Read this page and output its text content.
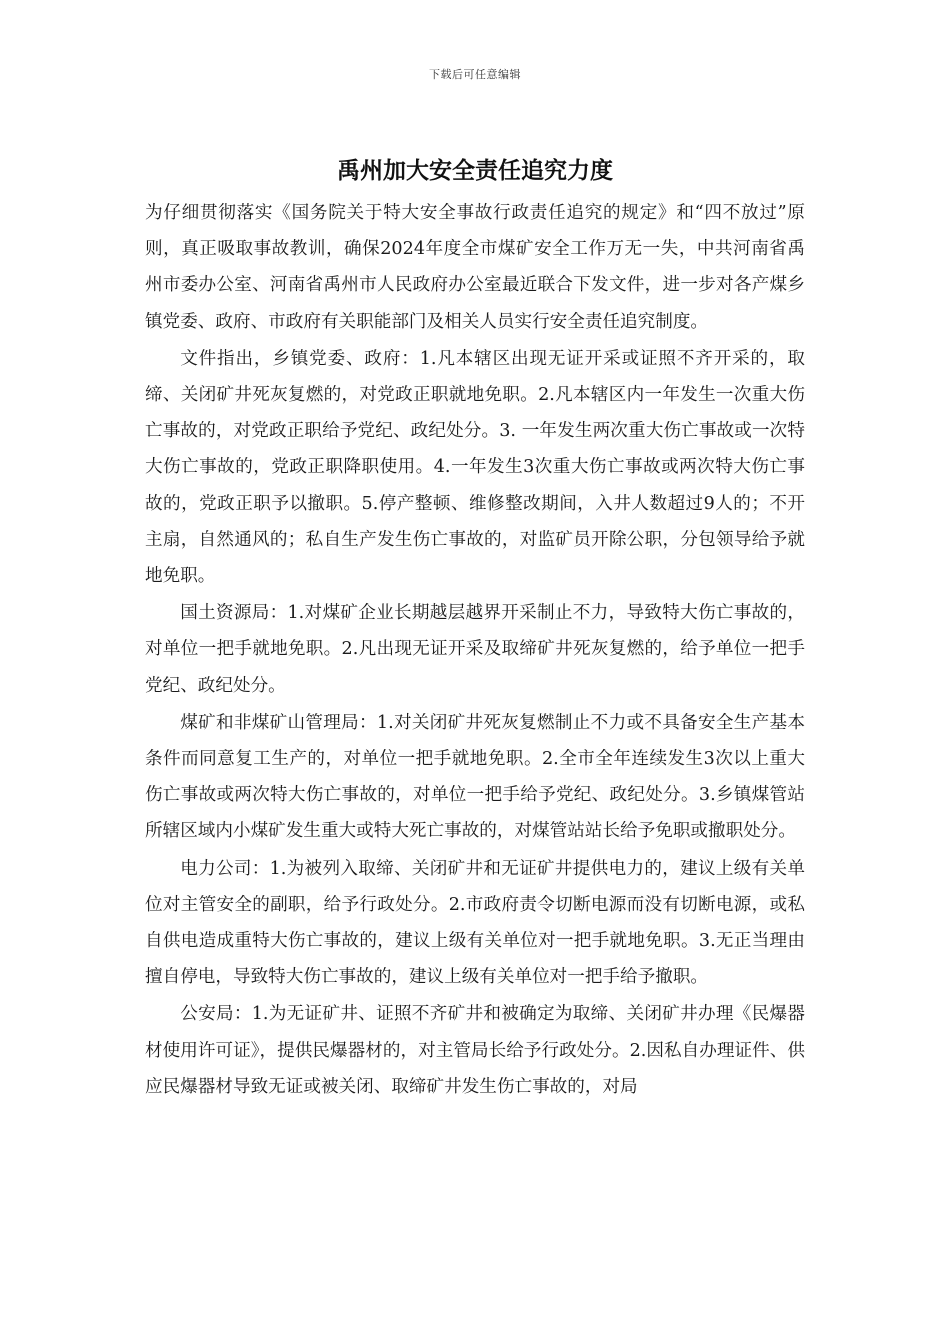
下载后可任意编辑
禹州加大安全责任追究力度

为仔细贯彻落实《国务院关于特大安全事故行政责任追究的规定》和“四不放过”原则，真正吸取事故教训，确保2024年度全市煤矿安全工作万无一失，中共河南省禹州市委办公室、河南省禹州市人民政府办公室最近联合下发文件，进一步对各产煤乡镇党委、政府、市政府有关职能部门及相关人员实行安全责任追究制度。

文件指出，乡镇党委、政府：1.凡本辖区出现无证开采或证照不齐开采的，取缔、关闭矿井死灰复燃的，对党政正职就地免职。2.凡本辖区内一年发生一次重大伤亡事故的，对党政正职给予党纪、政纪处分。3. 一年发生两次重大伤亡事故或一次特大伤亡事故的，党政正职降职使用。4.一年发生3次重大伤亡事故或两次特大伤亡事故的，党政正职予以撤职。5.停产整顿、维修整改期间，入井人数超过9人的；不开主扇，自然通风的；私自生产发生伤亡事故的，对监矿员开除公职，分包领导给予就地免职。

国土资源局：1.对煤矿企业长期越层越界开采制止不力，导致特大伤亡事故的，对单位一把手就地免职。2.凡出现无证开采及取缔矿井死灰复燃的，给予单位一把手党纪、政纪处分。

煤矿和非煤矿山管理局：1.对关闭矿井死灰复燃制止不力或不具备安全生产基本条件而同意复工生产的，对单位一把手就地免职。2.全市全年连续发生3次以上重大伤亡事故或两次特大伤亡事故的，对单位一把手给予党纪、政纪处分。3.乡镇煤管站所辖区域内小煤矿发生重大或特大死亡事故的，对煤管站站长给予免职或撤职处分。

电力公司：1.为被列入取缔、关闭矿井和无证矿井提供电力的，建议上级有关单位对主管安全的副职，给予行政处分。2.市政府责令切断电源而没有切断电源，或私自供电造成重特大伤亡事故的，建议上级有关单位对一把手就地免职。3.无正当理由擅自停电，导致特大伤亡事故的，建议上级有关单位对一把手给予撤职。

公安局：1.为无证矿井、证照不齐矿井和被确定为取缔、关闭矿井办理《民爆器材使用许可证》，提供民爆器材的，对主管局长给予行政处分。2.因私自办理证件、供应民爆器材导致无证或被关闭、取缔矿井发生伤亡事故的，对局
